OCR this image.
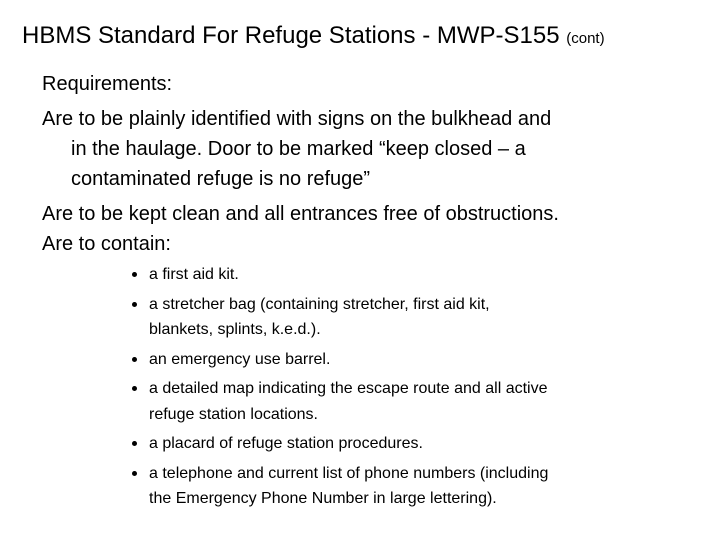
HBMS Standard For Refuge Stations - MWP-S155 (cont)
Requirements:
Are to be plainly identified with signs on the bulkhead and
in the haulage. Door to be marked “keep closed – a
contaminated refuge is no refuge”
Are to be kept clean and all entrances free of obstructions.
Are to contain:
a first aid kit.
a stretcher bag (containing stretcher, first aid kit,
blankets, splints, k.e.d.).
an emergency use barrel.
a detailed map indicating the escape route and all active
refuge station locations.
a placard of refuge station procedures.
a telephone and current list of phone numbers (including
the Emergency Phone Number in large lettering).
